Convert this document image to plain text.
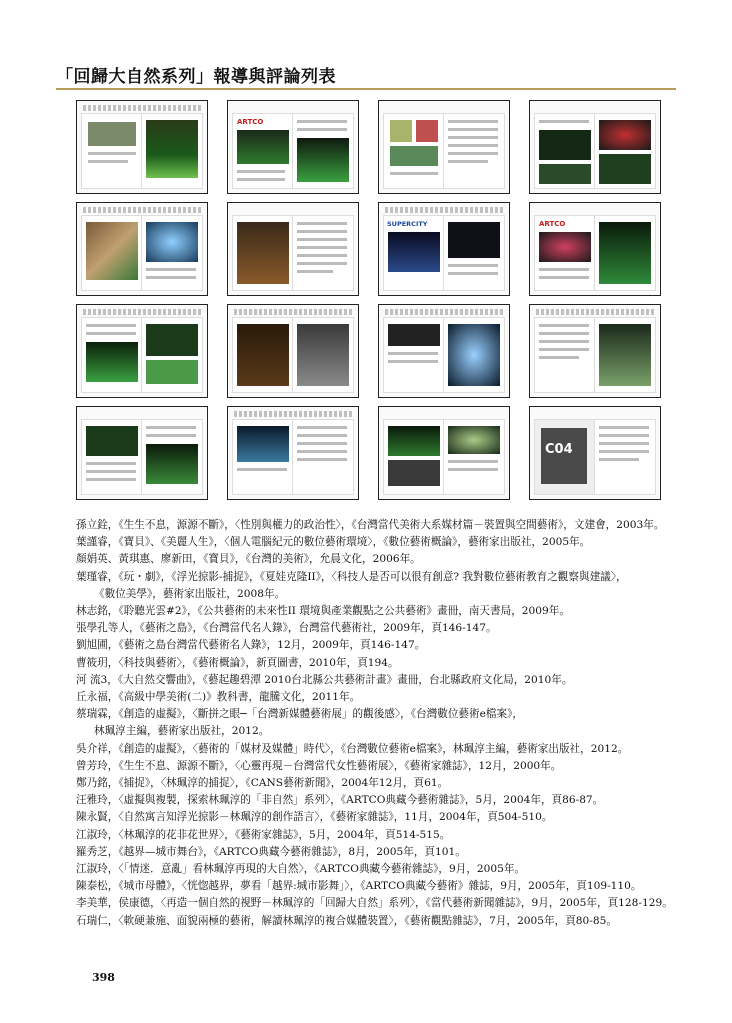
「回歸大自然系列」報導與評論列表
ARTCO
SUPERCITY	ARTCO
C04
孫立銓，《生生不息，源源不斷》，〈性別與權力的政治性〉，《台灣當代美術大系媒材篇－裝置與空間藝術》，文建會，2003年。
葉謹睿，《寶貝》、《美麗人生》，〈個人電腦紀元的數位藝術環境〉，《數位藝術概論》，藝術家出版社，2005年。
顏娟英、黃琪惠、廖新田，《寶貝》，《台灣的美術》，允晨文化，2006年。
葉瑾睿，《玩・劇》，《浮光掠影-捕捉》，《夏娃克隆II》，〈科技人是否可以很有創意? 我對數位藝術教育之觀察與建議〉，
《數位美學》，藝術家出版社，2008年。
林志銘，《聆聽光雲#2》，《公共藝術的未來性II 環境與產業觀點之公共藝術》畫冊，南天書局，2009年。
張學孔等人，《藝術之島》，《台灣當代名人錄》，台灣當代藝術社，2009年，頁146-147。
劉旭圃，《藝術之島台灣當代藝術名人錄》，12月，2009年，頁146-147。
曹筱玥，〈科技與藝術〉，《藝術概論》，新頁圖書，2010年，頁194。
河 流3，《大自然交響曲》，《藝起趣碧潭 2010台北縣公共藝術計畫》畫冊，台北縣政府文化局，2010年。
丘永福，《高級中學美術(二)》教科書，龍騰文化，2011年。
蔡瑞霖，《創造的虛擬》，〈斷拼之眼─「台灣新媒體藝術展」的觀後感〉，《台灣數位藝術e檔案》，
林珮淳主編，藝術家出版社，2012。
吳介祥，《創造的虛擬》，〈藝術的「媒材及媒體」時代〉，《台灣數位藝術e檔案》，林珮淳主編，藝術家出版社，2012。
曾芳玲，《生生不息、源源不斷》，〈心靈再現－台灣當代女性藝術展〉，《藝術家雜誌》，12月，2000年。
鄭乃銘，《捕捉》，〈林珮淳的捕捉〉，《CANS藝術新聞》，2004年12月，頁61。
汪雅玲，〈虛擬與複製，探索林珮淳的「非自然」系列〉，《ARTCO典藏今藝術雜誌》，5月，2004年，頁86-87。
陳永賢，〈自然寓言知浮光掠影－林珮淳的創作語言〉，《藝術家雜誌》，11月，2004年，頁504-510。
江淑玲，〈林珮淳的花非花世界〉，《藝術家雜誌》，5月，2004年，頁514-515。
羅秀芝，《越界—城市舞台》，《ARTCO典藏今藝術雜誌》，8月，2005年，頁101。
江淑玲，〈「情迷．意亂」看林珮淳再現的大自然〉，《ARTCO典藏今藝術雜誌》，9月，2005年。
陳泰松，《城市母體》，〈恍惚越界，夢看「越界:城市影舞」〉，《ARTCO典藏今藝術》雜誌，9月，2005年，頁109-110。
李美華，侯康德，〈再造一個自然的視野－林珮淳的「回歸大自然」系列〉，《當代藝術新聞雜誌》，9月，2005年，頁128-129。
石瑞仁，〈軟硬兼施、面貌兩極的藝術，解讀林珮淳的複合媒體裝置〉，《藝術觀點雜誌》，7月，2005年，頁80-85。
398
